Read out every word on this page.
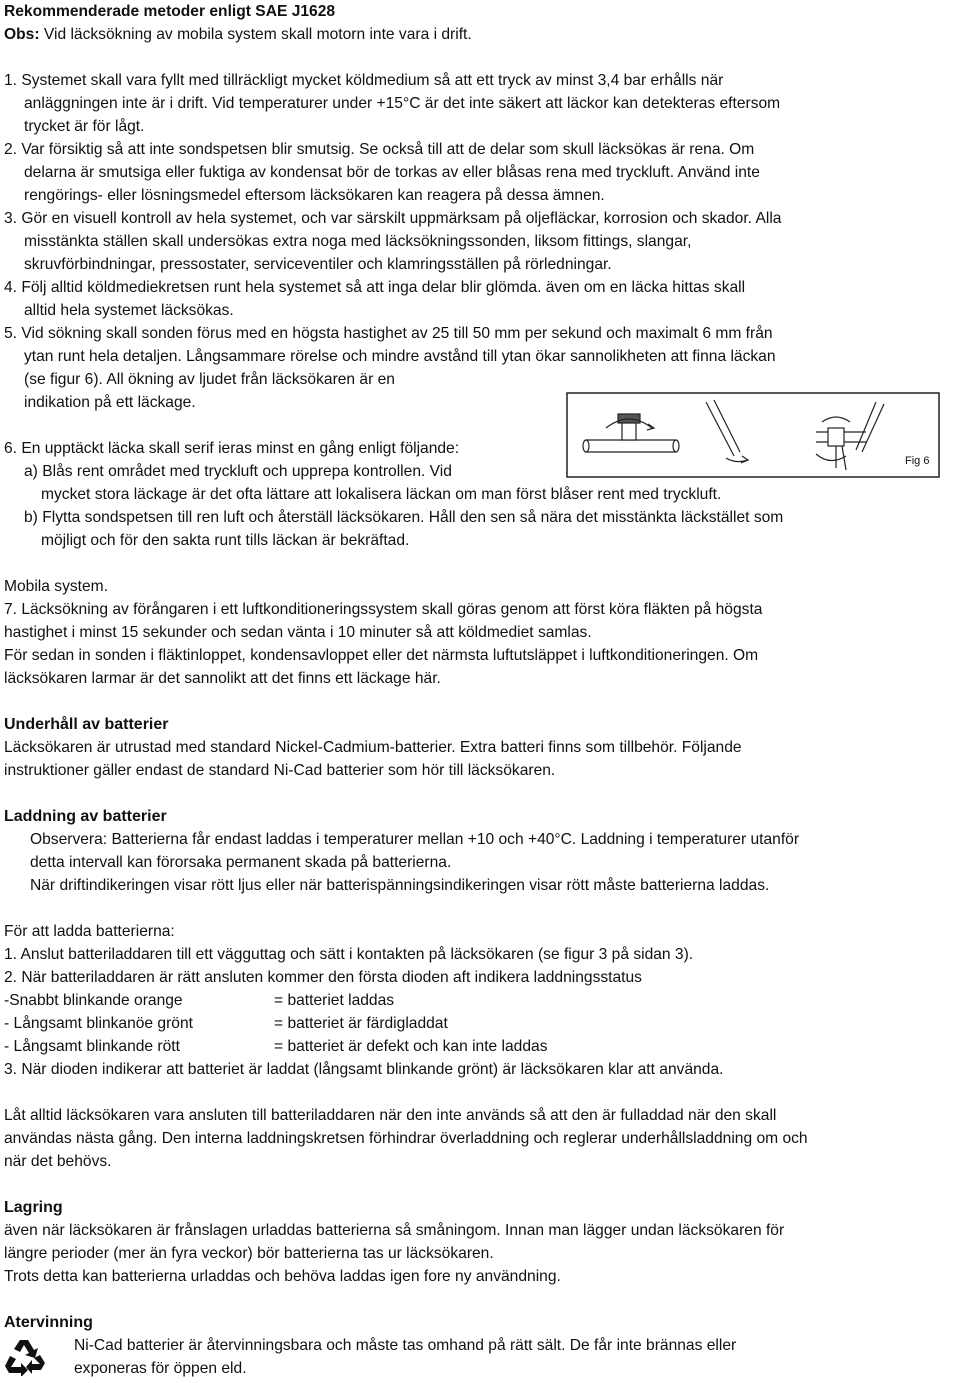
Rekommenderade metoder enligt SAE J1628
Obs: Vid läcksökning av mobila system skall motorn inte vara i drift.
1. Systemet skall vara fyllt med tillräckligt mycket köldmedium så att ett tryck av minst 3,4 bar erhålls när
anläggningen inte är i drift. Vid temperaturer under +15°C är det inte säkert att läckor kan detekteras eftersom
trycket är för lågt.
2. Var försiktig så att inte sondspetsen blir smutsig. Se också till att de delar som skull läcksökas är rena. Om
delarna är smutsiga eller fuktiga av kondensat bör de torkas av eller blåsas rena med tryckluft. Använd inte
rengörings- eller lösningsmedel eftersom läcksökaren kan reagera på dessa ämnen.
3. Gör en visuell kontroll av hela systemet, och var särskilt uppmärksam på oljefläckar, korrosion och skador. Alla
misstänkta ställen skall undersökas extra noga med läcksökningssonden, liksom fittings, slangar,
skruvförbindningar, pressostater, serviceventiler och klamringsställen på rörledningar.
4. Följ alltid köldmediekretsen runt hela systemet så att inga delar blir glömda. även om en läcka hittas skall
alltid hela systemet läcksökas.
5. Vid sökning skall sonden förus med en högsta hastighet av 25 till 50 mm per sekund och maximalt 6 mm från
ytan runt hela detaljen. Långsammare rörelse och mindre avstånd till ytan ökar sannolikheten att finna läckan
(se figur 6). All ökning av ljudet från läcksökaren är en
indikation på ett läckage.
6. En upptäckt läcka skall serif ieras minst en gång enligt följande:
a) Blås rent området med tryckluft och upprepa kontrollen. Vid
mycket stora läckage är det ofta lättare att lokalisera läckan om man först blåser rent med tryckluft.
b) Flytta sondspetsen till ren luft och återställ läcksökaren. Håll den sen så nära det misstänkta läckstället som
möjligt och för den sakta runt tills läckan är bekräftad.
Mobila system.
7. Läcksökning av förångaren i ett luftkonditioneringssystem skall göras genom att först köra fläkten på högsta
hastighet i minst 15 sekunder och sedan vänta i 10 minuter så att köldmediet samlas.
För sedan in sonden i fläktinloppet, kondensavloppet eller det närmsta luftutsläppet i luftkonditioneringen. Om
läcksökaren larmar är det sannolikt att det finns ett läckage här.
Underhåll av batterier
Läcksökaren är utrustad med standard Nickel-Cadmium-batterier. Extra batteri finns som tillbehör. Följande
instruktioner gäller endast de standard Ni-Cad batterier som hör till läcksökaren.
Laddning av batterier
Observera: Batterierna får endast laddas i temperaturer mellan +10 och +40°C. Laddning i temperaturer utanför
detta intervall kan förorsaka permanent skada på batterierna.
När driftindikeringen visar rött ljus eller när batterispänningsindikeringen visar rött måste batterierna laddas.
För att ladda batterierna:
1. Anslut batteriladdaren till ett vägguttag och sätt i kontakten på läcksökaren (se figur 3 på sidan 3).
2. När batteriladdaren är rätt ansluten kommer den första dioden aft indikera laddningsstatus
-Snabbt blinkande orange	= batteriet laddas
- Långsamt blinkanöe grönt	= batteriet är färdigladdat
- Långsamt blinkande rött	= batteriet är defekt och kan inte laddas
3. När dioden indikerar att batteriet är laddat (långsamt blinkande grönt) är läcksökaren klar att använda.
Låt alltid läcksökaren vara ansluten till batteriladdaren när den inte används så att den är fulladdad när den skall
användas nästa gång. Den interna laddningskretsen förhindrar överladdning och reglerar underhållsladdning om och
när det behövs.
Lagring
även när läcksökaren är frånslagen urladdas batterierna så småningom. Innan man lägger undan läcksökaren för
längre perioder (mer än fyra veckor) bör batterierna tas ur läcksökaren.
Trots detta kan batterierna urladdas och behöva laddas igen fore ny användning.
Atervinning
Ni-Cad batterier är återvinningsbara och måste tas omhand på rätt sält. De får inte brännas eller
exponeras för öppen eld.
Fig 6
